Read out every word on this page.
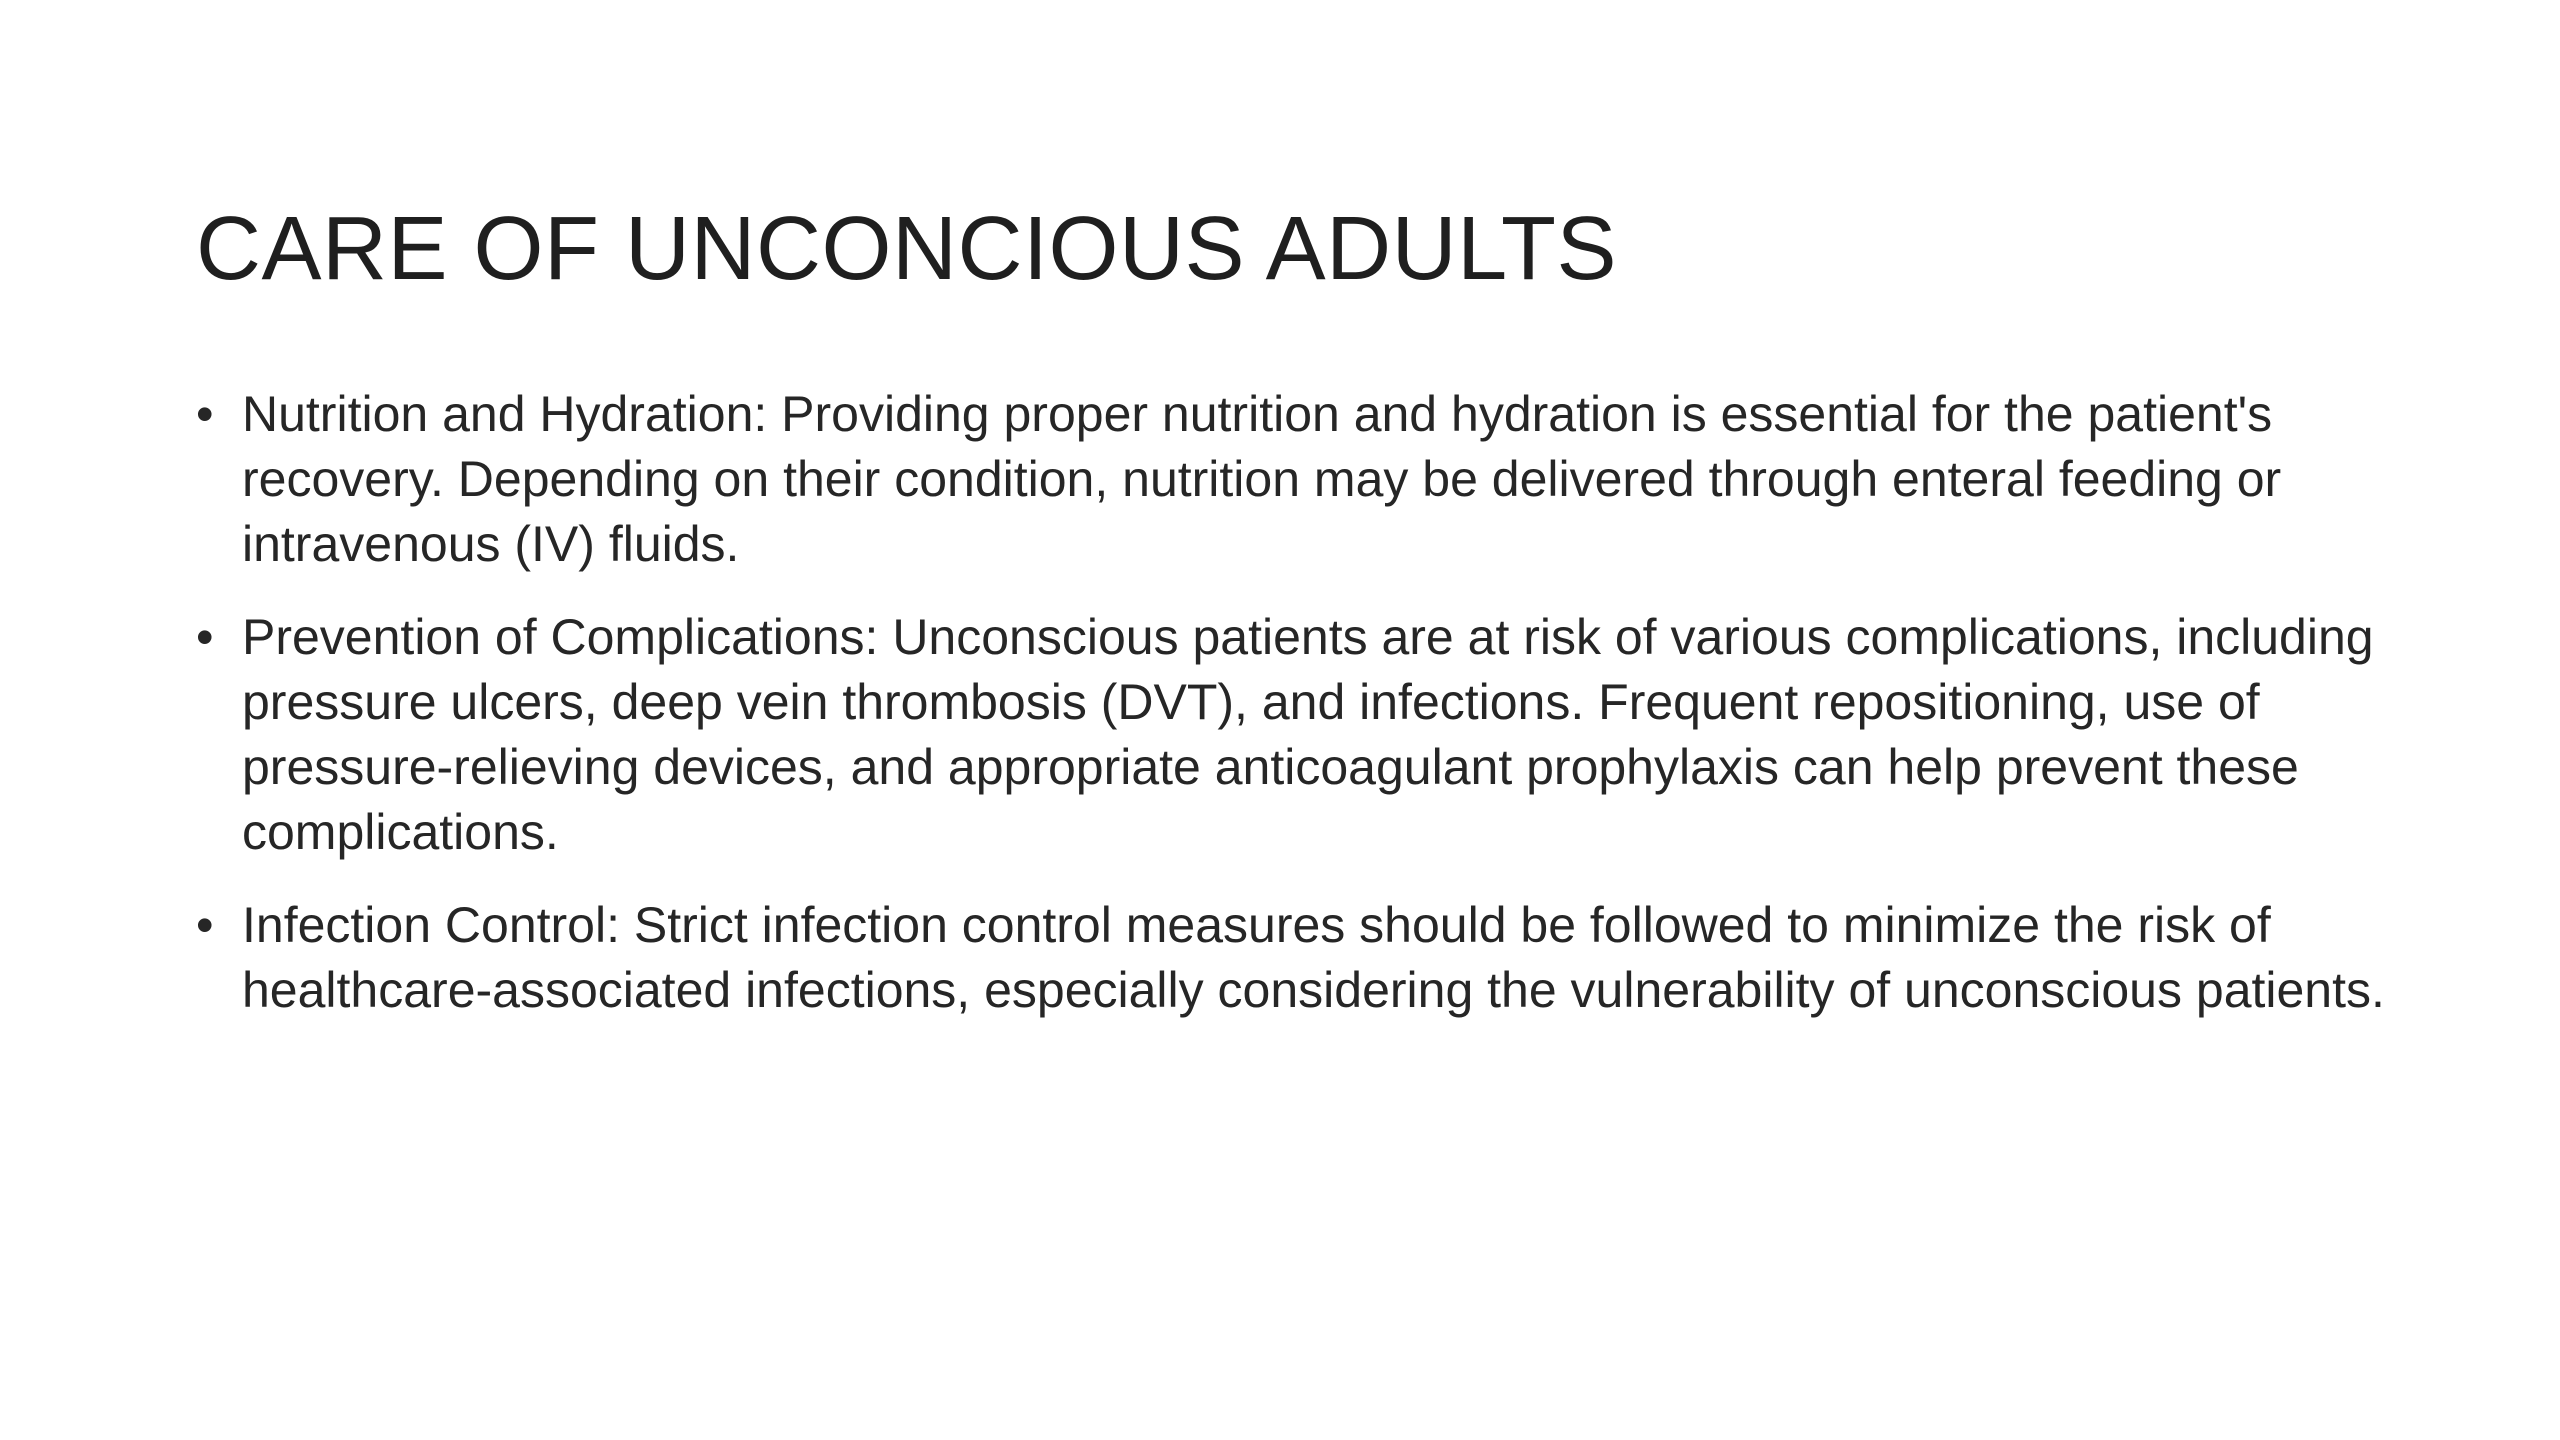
CARE OF UNCONCIOUS ADULTS
• Nutrition and Hydration: Providing proper nutrition and hydration is essential for the patient's recovery. Depending on their condition, nutrition may be delivered through enteral feeding or intravenous (IV) fluids.
• Prevention of Complications: Unconscious patients are at risk of various complications, including pressure ulcers, deep vein thrombosis (DVT), and infections. Frequent repositioning, use of pressure-relieving devices, and appropriate anticoagulant prophylaxis can help prevent these complications.
• Infection Control: Strict infection control measures should be followed to minimize the risk of healthcare-associated infections, especially considering the vulnerability of unconscious patients.
